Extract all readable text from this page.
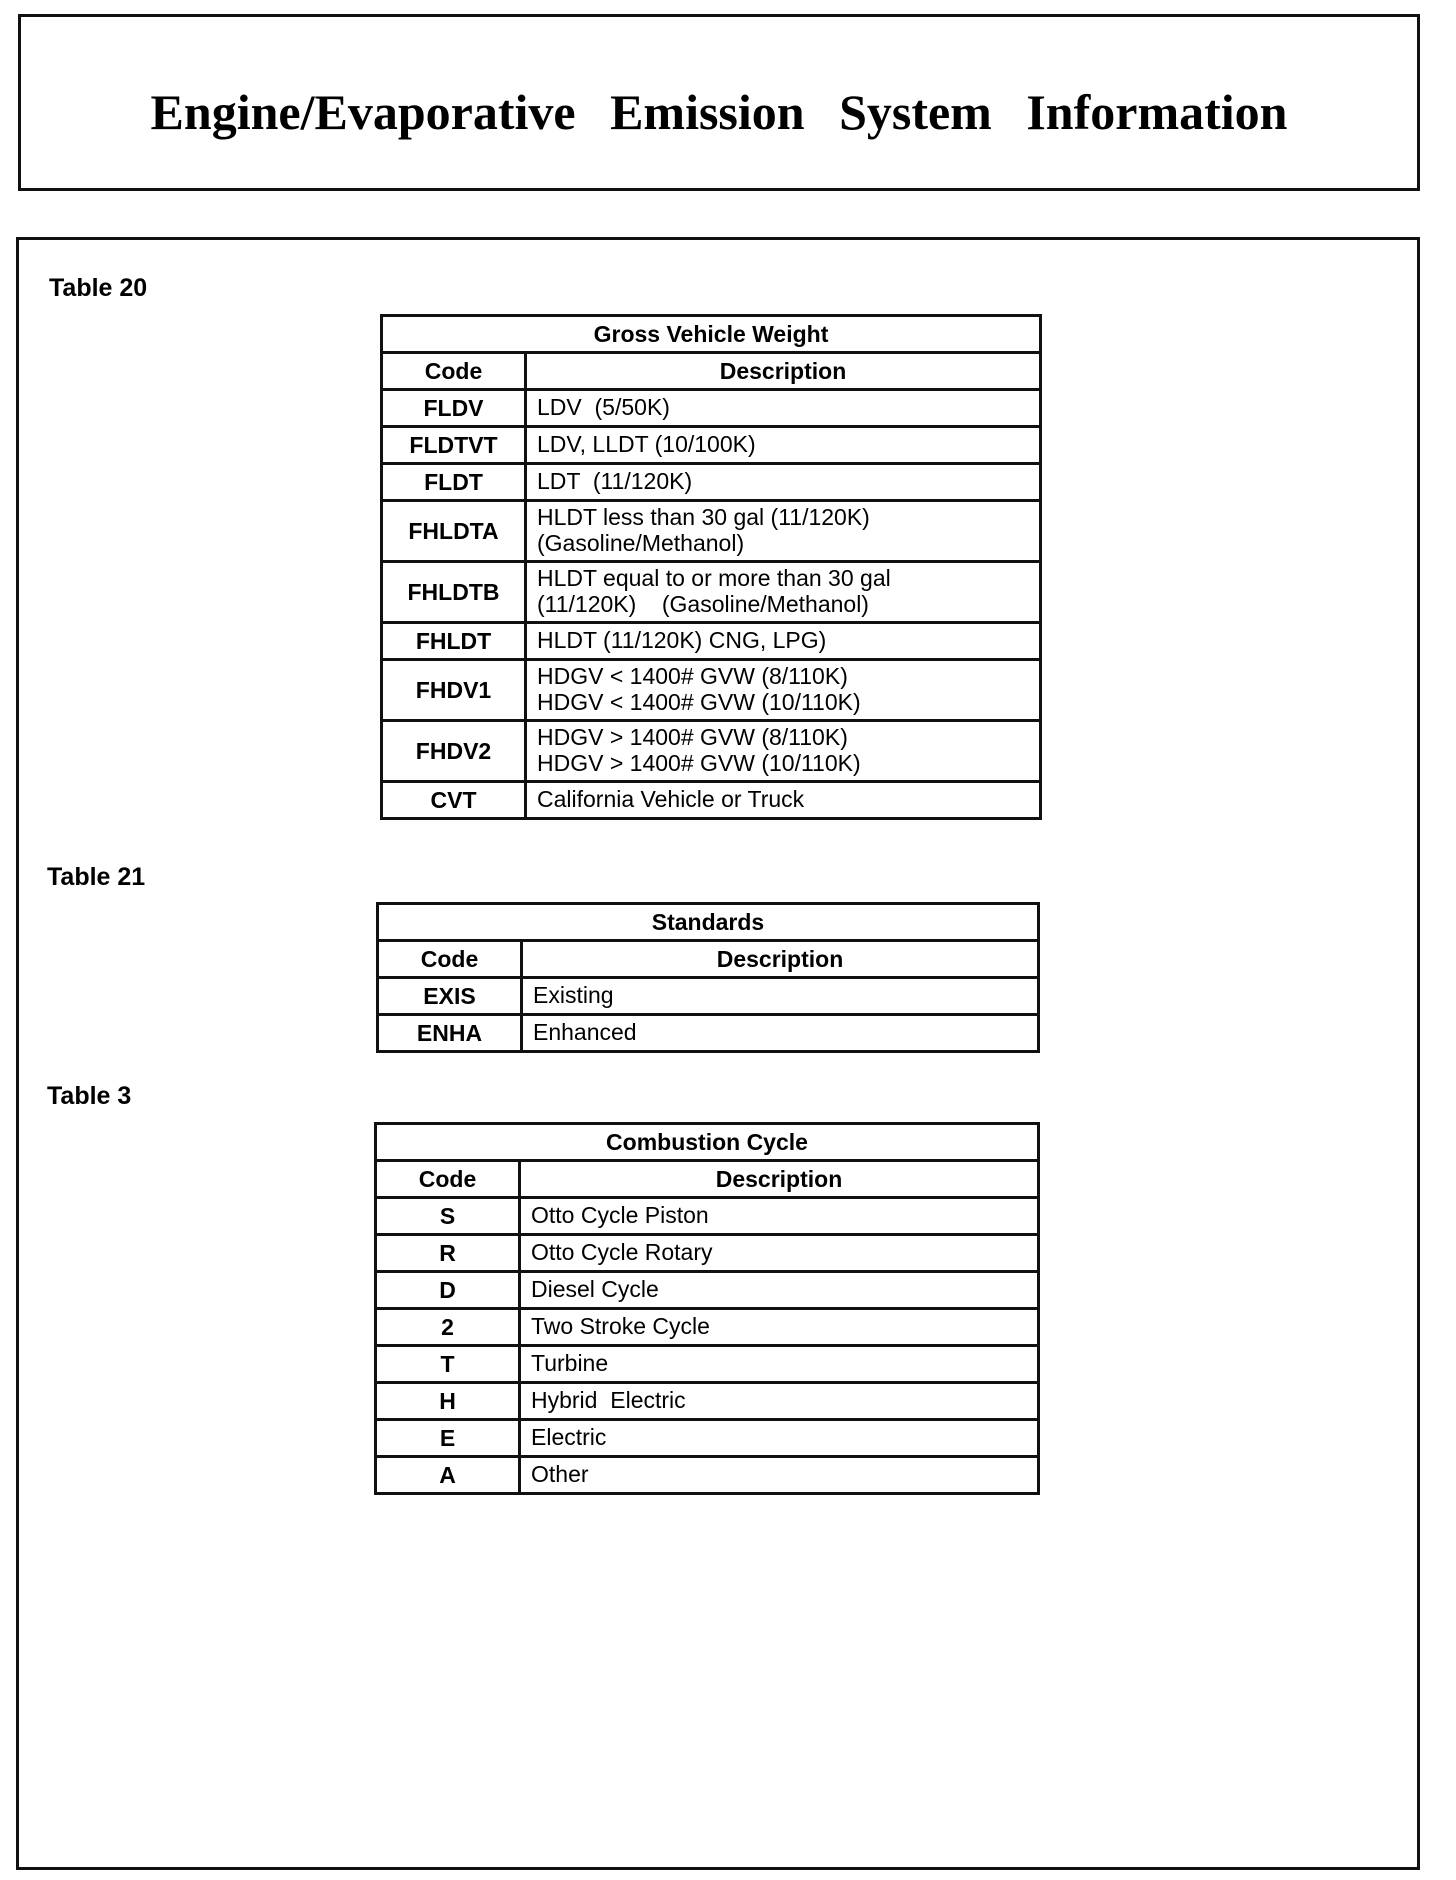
Engine/Evaporative Emission System Information

Table 20

Gross Vehicle Weight	
Code	Description
FLDV	LDV  (5/50K)

FLDTVT	LDV, LLDT (10/100K)

FLDT	LDT  (11/120K)

FHLDTA	HLDT less than 30 gal (11/120K)
(Gasoline/Methanol)

FHLDTB	HLDT equal to or more than 30 gal
(11/120K)    (Gasoline/Methanol)

FHLDT	HLDT (11/120K) CNG, LPG)

FHDV1	HDGV < 1400# GVW (8/110K)
HDGV < 1400# GVW (10/110K)

FHDV2	HDGV > 1400# GVW (8/110K)
HDGV > 1400# GVW (10/110K)

CVT	California Vehicle or Truck

Table 21

Standards	
Code	Description
EXIS	Existing

ENHA	Enhanced

Table 3

Combustion Cycle	
Code	Description
S	Otto Cycle Piston

R	Otto Cycle Rotary

D	Diesel Cycle

2	Two Stroke Cycle

T	Turbine

H	Hybrid  Electric

E	Electric

A	Other
